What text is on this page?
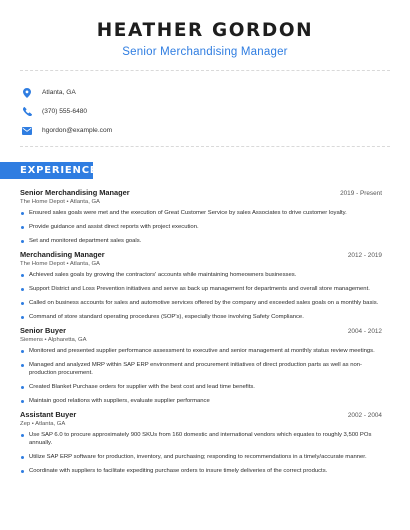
HEATHER GORDON
Senior Merchandising Manager
Atlanta, GA
(370) 555-6480
hgordon@example.com
EXPERIENCE
Senior Merchandising Manager	2019 - Present
The Home Depot • Atlanta, GA
Ensured sales goals were met and the execution of Great Customer Service by sales Associates to drive customer loyalty.
Provide guidance and assist direct reports with project execution.
Set and monitored department sales goals.
Merchandising Manager	2012 - 2019
The Home Depot • Atlanta, GA
Achieved sales goals by growing the contractors' accounts while maintaining homeowners businesses.
Support District and Loss Prevention initiatives and serve as back up management for departments and overall store management.
Called on business accounts for sales and automotive services offered by the company and exceeded sales goals on a monthly basis.
Command of store standard operating procedures (SOP's), especially those involving Safety Compliance.
Senior Buyer	2004 - 2012
Siemens • Alpharetta, GA
Monitored and presented supplier performance assessment to executive and senior management at monthly status review meetings.
Managed and analyzed MRP within SAP ERP environment and procurement initiatives of direct production parts as well as non-production procurement.
Created Blanket Purchase orders for supplier with the best cost and lead time benefits.
Maintain good relations with suppliers, evaluate supplier performance
Assistant Buyer	2002 - 2004
Zep • Atlanta, GA
Use SAP 6.0 to procure approximately 900 SKUs from 160 domestic and international vendors which equates to roughly 3,500 POs annually.
Utilize SAP ERP software for production, inventory, and purchasing; responding to recommendations in a timely/accurate manner.
Coordinate with suppliers to facilitate expediting purchase orders to insure timely deliveries of the correct products.
